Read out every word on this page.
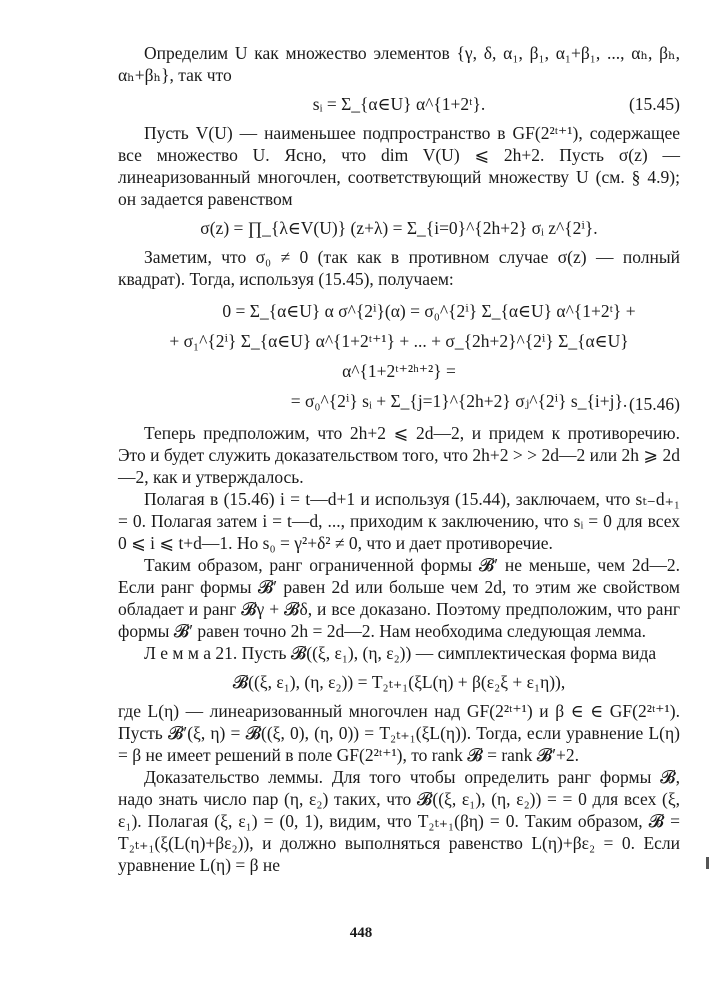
Определим U как множество элементов {γ, δ, α₁, β₁, α₁+β₁, ..., αₕ, βₕ, αₕ+βₕ}, так что

sᵢ = Σ_{α∈U} α^{1+2ᵗ}.	(15.45)

Пусть V(U) — наименьшее подпространство в GF(2²ᵗ⁺¹), содержащее все множество U. Ясно, что dim V(U) ⩽ 2h+2. Пусть σ(z) — линеаризованный многочлен, соответствующий множеству U (см. § 4.9); он задается равенством

σ(z) = ∏_{λ∈V(U)} (z+λ) = Σ_{i=0}^{2h+2} σᵢ z^{2ⁱ}.

Заметим, что σ₀ ≠ 0 (так как в противном случае σ(z) — полный квадрат). Тогда, используя (15.45), получаем:

0 = Σ_{α∈U} α σ^{2ⁱ}(α) = σ₀^{2ⁱ} Σ_{α∈U} α^{1+2ᵗ} +
+ σ₁^{2ⁱ} Σ_{α∈U} α^{1+2ᵗ⁺¹} + ... + σ_{2h+2}^{2ⁱ} Σ_{α∈U} α^{1+2ᵗ⁺²ʰ⁺²} =
= σ₀^{2ⁱ} sᵢ + Σ_{j=1}^{2h+2} σⱼ^{2ⁱ} s_{i+j}. (15.46)

Теперь предположим, что 2h+2 ⩽ 2d—2, и придем к противоречию. Это и будет служить доказательством того, что 2h+2 > > 2d—2 или 2h ⩾ 2d—2, как и утверждалось.

Полагая в (15.46) i = t—d+1 и используя (15.44), заключаем, что sₜ₋d₊₁ = 0. Полагая затем i = t—d, ..., приходим к заключению, что sᵢ = 0 для всех 0 ⩽ i ⩽ t+d—1. Но s₀ = γ²+δ² ≠ 0, что и дает противоречие.

Таким образом, ранг ограниченной формы 𝓑′ не меньше, чем 2d—2. Если ранг формы 𝓑′ равен 2d или больше чем 2d, то этим же свойством обладает и ранг 𝓑γ + 𝓑δ, и все доказано. Поэтому предположим, что ранг формы 𝓑′ равен точно 2h = 2d—2. Нам необходима следующая лемма.

Л е м м а 21. Пусть 𝓑((ξ, ε₁), (η, ε₂)) — симплектическая форма вида

𝓑((ξ, ε₁), (η, ε₂)) = T₂ₜ₊₁(ξL(η) + β(ε₂ξ + ε₁η)),

где L(η) — линеаризованный многочлен над GF(2²ᵗ⁺¹) и β ∈ ∈ GF(2²ᵗ⁺¹). Пусть 𝓑′(ξ, η) = 𝓑((ξ, 0), (η, 0)) = T₂ₜ₊₁(ξL(η)). Тогда, если уравнение L(η) = β не имеет решений в поле GF(2²ᵗ⁺¹), то rank 𝓑 = rank 𝓑′+2.

Доказательство леммы. Для того чтобы определить ранг формы 𝓑, надо знать число пар (η, ε₂) таких, что 𝓑((ξ, ε₁), (η, ε₂)) = = 0 для всех (ξ, ε₁). Полагая (ξ, ε₁) = (0, 1), видим, что T₂ₜ₊₁(βη) = 0. Таким образом, 𝓑 = T₂ₜ₊₁(ξ(L(η)+βε₂)), и должно выполняться равенство L(η)+βε₂ = 0. Если уравнение L(η) = β не

448
